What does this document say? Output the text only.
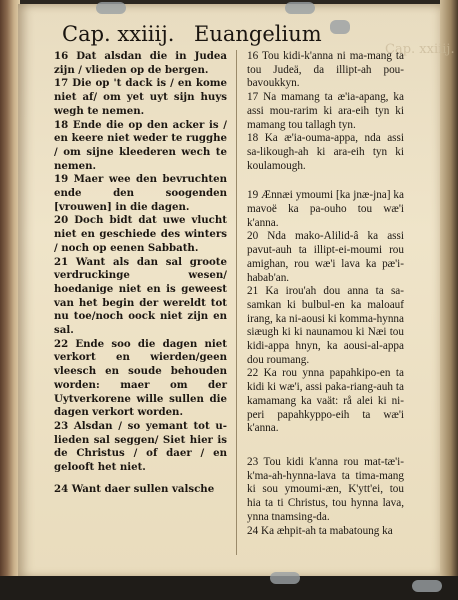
Cap. xxiiij.
Cap. xxiiij. Euangelium

16 Dat alsdan die in Judea zijn / vlieden op de bergen.

17 Die op 't dack is / en kome niet af/ om yet uyt sijn huys wegh te nemen.

18 Ende die op den acker is / en keere niet weder te rugghe / om sijne kleederen wech te nemen.

19 Maer wee den bevruchten ende den soogenden [vrouwen] in die dagen.

20 Doch bidt dat uwe vlucht niet en geschiede des winters / noch op eenen Sabbath.

21 Want als dan sal groote verdruckinge wesen/ hoedanige niet en is geweest van het begin der wereldt tot nu toe/noch oock niet zijn en sal.

22 Ende soo die dagen niet verkort en wierden/geen vleesch en soude behouden worden: maer om der Uytverkorene wille sullen die dagen verkort worden.

23 Alsdan / so yemant tot u-lieden sal seggen/ Siet hier is de Christus / of daer / en gelooft het niet.

24 Want daer sullen valsche

16 Tou kidi-k'anna ni ma-mang ta tou Judeä, da illipt-ah pou-bavoukkyn.

17 Na mamang ta æ'ia-apang, ka assi mou-rarim ki ara-eih tyn ki mamang tou tallagh tyn.

18 Ka æ'ia-ouma-appa, nda assi sa-likough-ah ki ara-eih tyn ki koulamough.

19 Ænnæi ymoumi [ka jnæ-jna] ka mavoë ka pa-ouho tou wæ'i k'anna.

20 Nda mako-Alilid-â ka assi pavut-auh ta illipt-ei-moumi rou amighan, rou wæ'i lava ka pæ'i-habab'an.

21 Ka irou'ah dou anna ta sa-samkan ki bulbul-en ka maloauf irang, ka ni-aousi ki komma-hynna siæugh ki ki naunamou ki Næi tou kidi-appa hnyn, ka aousi-al-appa dou roumang.

22 Ka rou ynna papahkipo-en ta kidi ki wæ'i, assi paka-riang-auh ta kamamang ka vaät: rå alei ki ni-peri papahkyppo-eih ta wæ'i k'anna.

23 Tou kidi k'anna rou mat-tæ'i-k'ma-ah-hynna-lava ta tima-mang ki sou ymoumi-æn, K'ytt'ei, tou hia ta ti Christus, tou hynna lava, ynna tnamsing-da.

24 Ka æhpit-ah ta mabatoung ka
